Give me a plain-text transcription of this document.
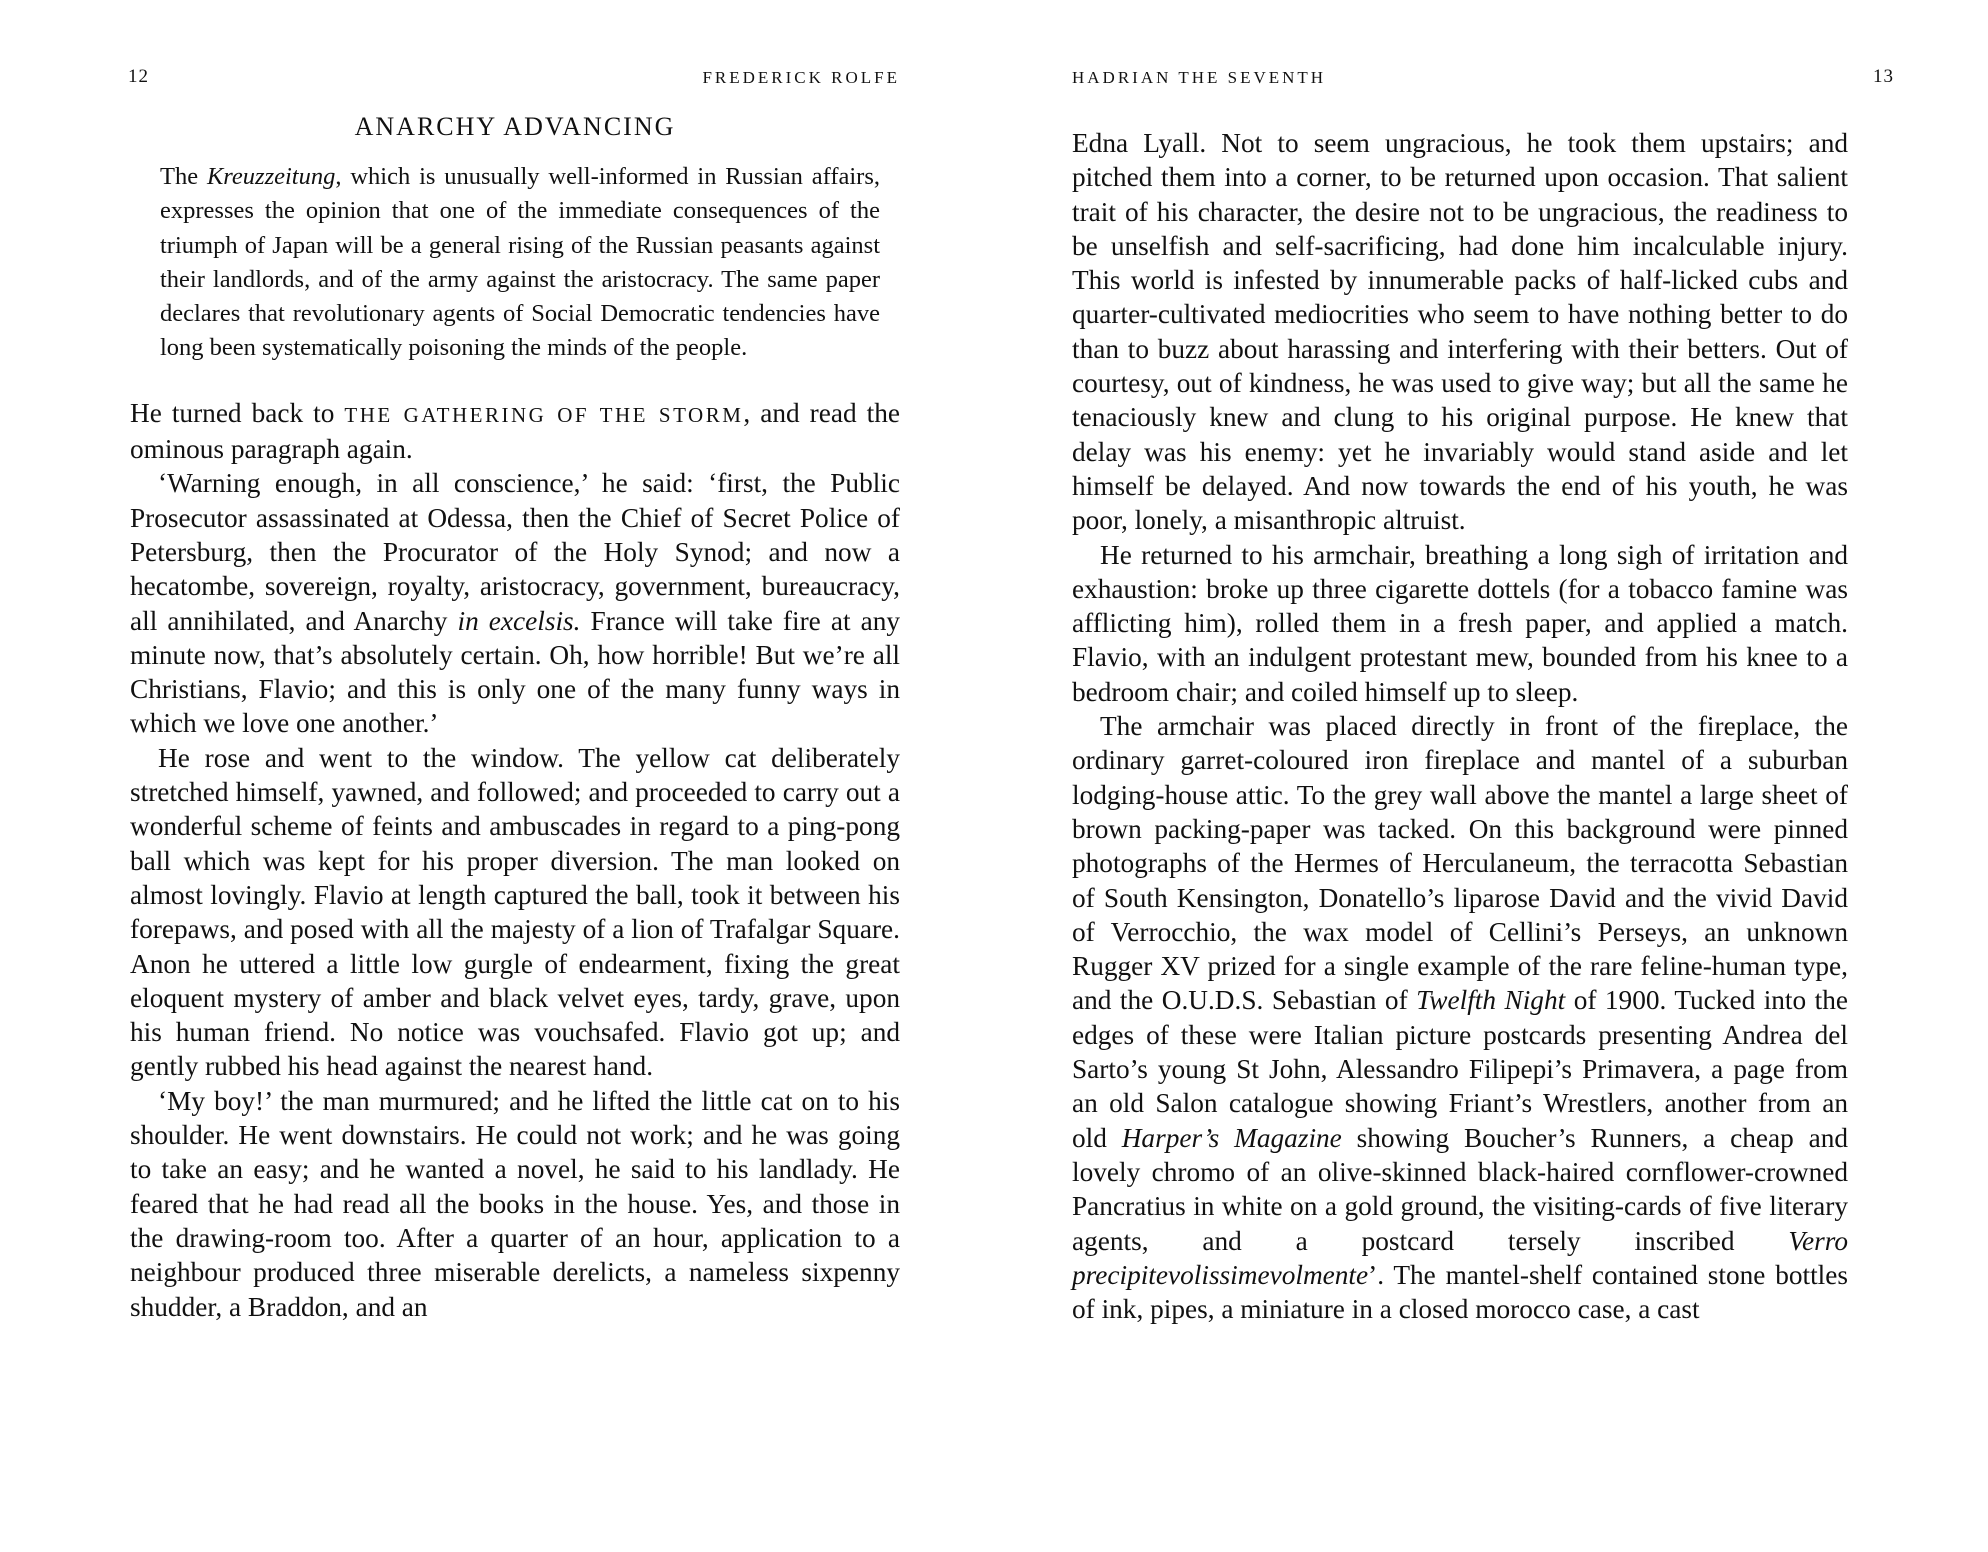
12	FREDERICK ROLFE
ANARCHY ADVANCING

The Kreuzzeitung, which is unusually well-informed in Russian affairs, expresses the opinion that one of the immediate consequences of the triumph of Japan will be a general rising of the Russian peasants against their landlords, and of the army against the aristocracy. The same paper declares that revolutionary agents of Social Democratic tendencies have long been systematically poisoning the minds of the people.

He turned back to THE GATHERING OF THE STORM, and read the ominous paragraph again.

‘Warning enough, in all conscience,’ he said: ‘first, the Public Prosecutor assassinated at Odessa, then the Chief of Secret Police of Petersburg, then the Procurator of the Holy Synod; and now a hecatombe, sovereign, royalty, aristocracy, government, bureaucracy, all annihilated, and Anarchy in excelsis. France will take fire at any minute now, that’s absolutely certain. Oh, how horrible! But we’re all Christians, Flavio; and this is only one of the many funny ways in which we love one another.’

He rose and went to the window. The yellow cat deliberately stretched himself, yawned, and followed; and proceeded to carry out a wonderful scheme of feints and ambuscades in regard to a ping-pong ball which was kept for his proper diversion. The man looked on almost lovingly. Flavio at length captured the ball, took it between his forepaws, and posed with all the majesty of a lion of Trafalgar Square. Anon he uttered a little low gurgle of endearment, fixing the great eloquent mystery of amber and black velvet eyes, tardy, grave, upon his human friend. No notice was vouchsafed. Flavio got up; and gently rubbed his head against the nearest hand.

‘My boy!’ the man murmured; and he lifted the little cat on to his shoulder. He went downstairs. He could not work; and he was going to take an easy; and he wanted a novel, he said to his landlady. He feared that he had read all the books in the house. Yes, and those in the drawing-room too. After a quarter of an hour, application to a neighbour produced three miserable derelicts, a nameless sixpenny shudder, a Braddon, and an

HADRIAN THE SEVENTH	13

Edna Lyall. Not to seem ungracious, he took them upstairs; and pitched them into a corner, to be returned upon occasion. That salient trait of his character, the desire not to be ungracious, the readiness to be unselfish and self-sacrificing, had done him incalculable injury. This world is infested by innumerable packs of half-licked cubs and quarter-cultivated mediocrities who seem to have nothing better to do than to buzz about harassing and interfering with their betters. Out of courtesy, out of kindness, he was used to give way; but all the same he tenaciously knew and clung to his original purpose. He knew that delay was his enemy: yet he invariably would stand aside and let himself be delayed. And now towards the end of his youth, he was poor, lonely, a misanthropic altruist.

He returned to his armchair, breathing a long sigh of irritation and exhaustion: broke up three cigarette dottels (for a tobacco famine was afflicting him), rolled them in a fresh paper, and applied a match. Flavio, with an indulgent protestant mew, bounded from his knee to a bedroom chair; and coiled himself up to sleep.

The armchair was placed directly in front of the fireplace, the ordinary garret-coloured iron fireplace and mantel of a suburban lodging-house attic. To the grey wall above the mantel a large sheet of brown packing-paper was tacked. On this background were pinned photographs of the Hermes of Herculaneum, the terracotta Sebastian of South Kensington, Donatello’s liparose David and the vivid David of Verrocchio, the wax model of Cellini’s Perseys, an unknown Rugger XV prized for a single example of the rare feline-human type, and the O.U.D.S. Sebastian of Twelfth Night of 1900. Tucked into the edges of these were Italian picture postcards presenting Andrea del Sarto’s young St John, Alessandro Filipepi’s Primavera, a page from an old Salon catalogue showing Friant’s Wrestlers, another from an old Harper’s Magazine showing Boucher’s Runners, a cheap and lovely chromo of an olive-skinned black-haired cornflower-crowned Pancratius in white on a gold ground, the visiting-cards of five literary agents, and a postcard tersely inscribed Verro precipitevolissimevolmente’. The mantel-shelf contained stone bottles of ink, pipes, a miniature in a closed morocco case, a cast
